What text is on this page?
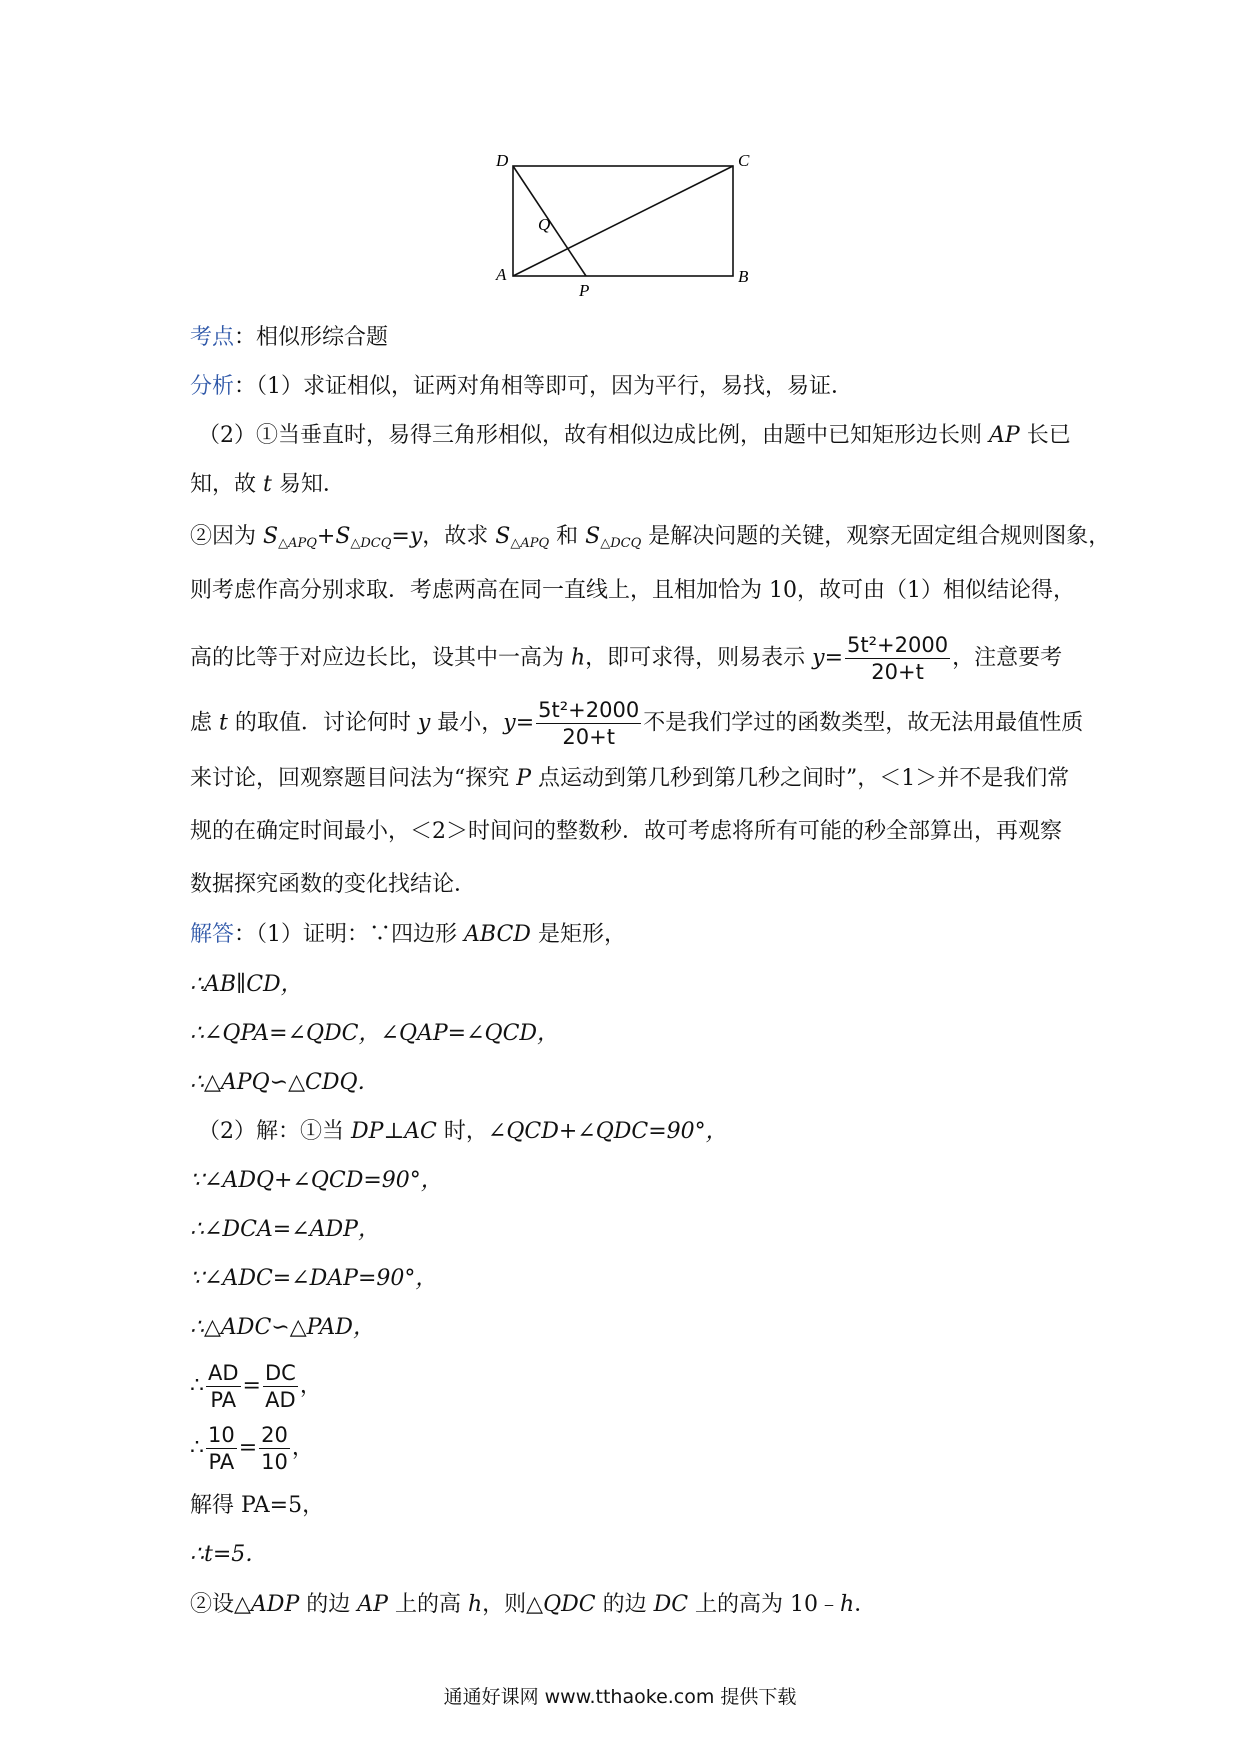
D	C
Q
A
P
B
考点：相似形综合题
分析：（1）求证相似，证两对角相等即可，因为平行，易找，易证．
（2）①当垂直时，易得三角形相似，故有相似边成比例，由题中已知矩形边长则 AP 长已
知，故 t 易知．
②因为 $S_{\triangle APQ}+S_{\triangle DCQ}=y$，故求 $S_{\triangle APQ}$ 和 $S_{\triangle DCQ}$ 是解决问题的关键，观察无固定组合规则图象，
则考虑作高分别求取．考虑两高在同一直线上，且相加恰为 10，故可由（1）相似结论得，
高的比等于对应边长比，设其中一高为 h，即可求得，则易表示 $y= \frac{\text{5t²+2000}}{20+t}$ ，注意要考
虑 t 的取值．讨论何时 y 最小，$y= \frac{\text{5t²+2000}}{20+t}$ 不是我们学过的函数类型，故无法用最值性质
来讨论，回观察题目问法为“探究 P 点运动到第几秒到第几秒之间时”，＜1＞并不是我们常
规的在确定时间最小，＜2＞时间问的整数秒．故可考虑将所有可能的秒全部算出，再观察
数据探究函数的变化找结论．
解答：（1）证明：∵四边形 ABCD 是矩形，
∴AB∥CD，
∴∠QPA=∠QDC，∠QAP=∠QCD，
∴△APQ∽△CDQ．
（2）解：①当 DP⊥AC 时，∠QCD+∠QDC=90°，
∵∠ADQ+∠QCD=90°，
∴∠DCA=∠ADP，
∵∠ADC=∠DAP=90°，
∴△ADC∽△PAD，
∴ $\frac{AD}{PA} = \frac{DC}{AD}$ ，
∴ $\frac{10}{PA} = \frac{20}{10}$ ，
解得 PA=5，
∴t=5．
②设△ADP 的边 AP 上的高 h，则△QDC 的边 DC 上的高为 10﹣h．
通通好课网 www.tthaoke.com 提供下载
